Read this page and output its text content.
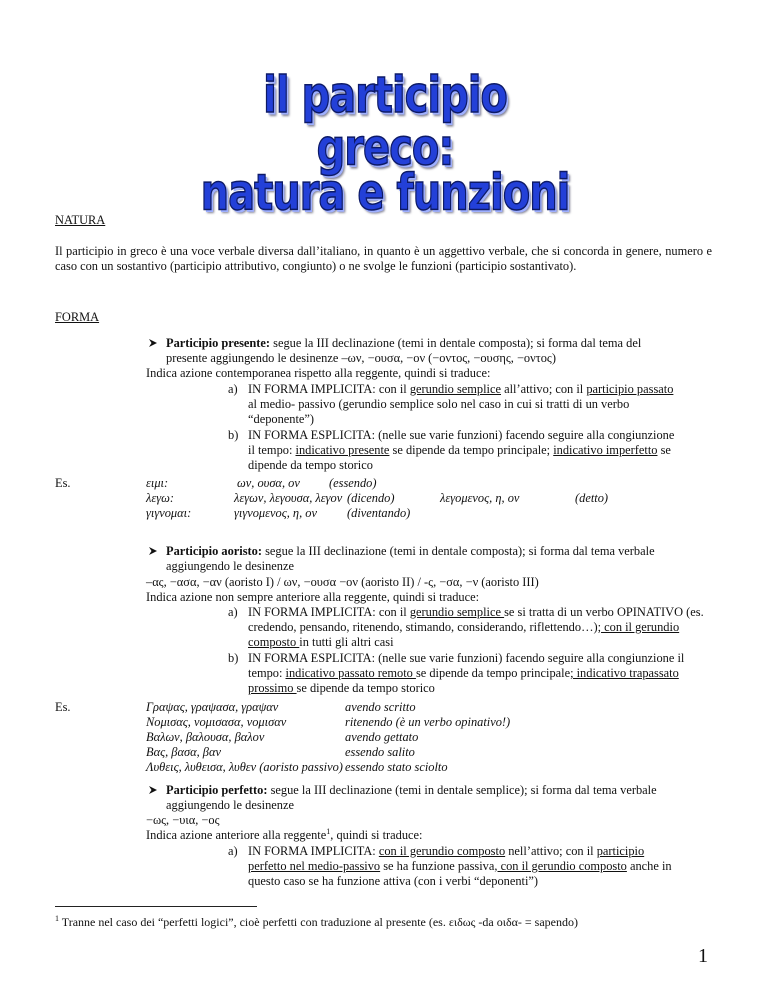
il participio greco:
natura e funzioni
NATURA
Il participio in greco è una voce verbale diversa dall’italiano, in quanto è un aggettivo verbale, che si concorda in genere, numero e caso con un sostantivo (participio attributivo, congiunto) o ne svolge le funzioni (participio sostantivato).
FORMA
Participio presente: segue la III declinazione (temi in dentale composta); si forma dal tema del
presente aggiungendo le desinenze –ων, −ουσα, −ον (−οντος, −ουσης, −οντος)
Indica azione contemporanea rispetto alla reggente, quindi si traduce:
a) IN FORMA IMPLICITA: con il gerundio semplice all’attivo; con il participio passato
al medio- passivo (gerundio semplice solo nel caso in cui si tratti di un verbo
“deponente”)
b) IN FORMA ESPLICITA: (nelle sue varie funzioni) facendo seguire alla congiunzione
il tempo: indicativo presente se dipende da tempo principale; indicativo imperfetto se
dipende da tempo storico
Es.	ειμι:	ων, ουσα, ον (essendo)
λεγω:	λεγων, λεγουσα, λεγον (dicendo)	λεγομενος, η, ον	(detto)
γιγνομαι:	γιγνομενος, η, ον (diventando)
Participio aoristo: segue la III declinazione (temi in dentale composta); si forma dal tema verbale
aggiungendo le desinenze
–ας, −ασα, −αν (aoristo I) / ων, −ουσα −ον (aoristo II) / -ς, −σα, −ν (aoristo III)
Indica azione non sempre anteriore alla reggente, quindi si traduce:
a) IN FORMA IMPLICITA: con il gerundio semplice se si tratta di un verbo OPINATIVO (es.
credendo, pensando, ritenendo, stimando, considerando, riflettendo…); con il gerundio
composto in tutti gli altri casi
b) IN FORMA ESPLICITA: (nelle sue varie funzioni) facendo seguire alla congiunzione il
tempo: indicativo passato remoto se dipende da tempo principale; indicativo trapassato
prossimo se dipende da tempo storico
Es.	Γραψας, γραψασα, γραψαν	avendo scritto
Νομισας, νομισασα, νομισαν	ritenendo (è un verbo opinativo!)
Βαλων, βαλουσα, βαλον	avendo gettato
Βας, βασα, βαν	essendo salito
Λυθεις, λυθεισα, λυθεν (aoristo passivo) essendo stato sciolto
Participio perfetto: segue la III declinazione (temi in dentale semplice); si forma dal tema verbale
aggiungendo le desinenze
−ως, −υια, −ος
Indica azione anteriore alla reggente$^1$, quindi si traduce:
a) IN FORMA IMPLICITA: con il gerundio composto nell’attivo; con il participio
perfetto nel medio-passivo se ha funzione passiva, con il gerundio composto anche in
questo caso se ha funzione attiva (con i verbi “deponenti”)
$^1$ Tranne nel caso dei “perfetti logici”, cioè perfetti con traduzione al presente (es. ειδως -da οιδα- = sapendo)
1
